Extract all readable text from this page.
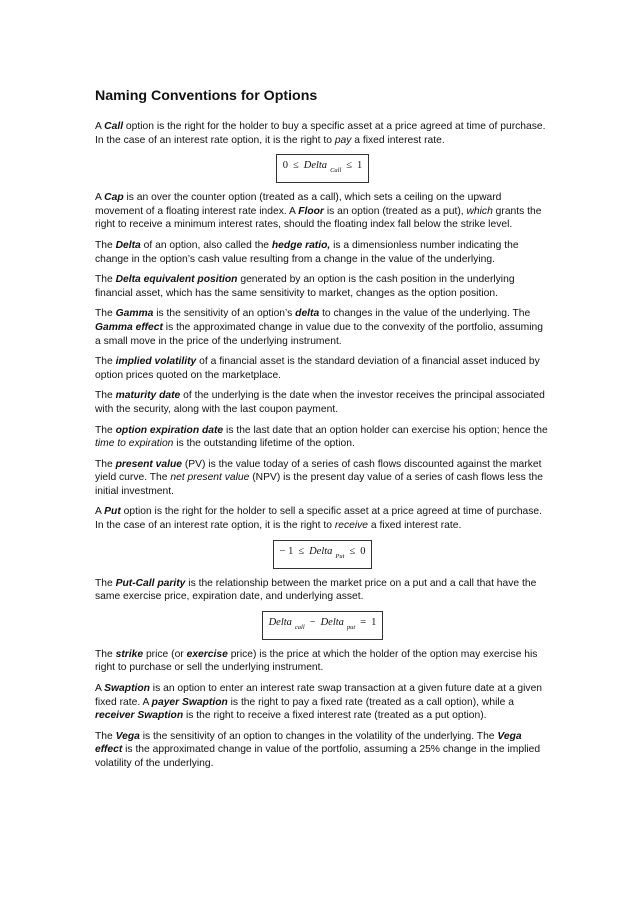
Naming Conventions for Options

A Call option is the right for the holder to buy a specific asset at a price agreed at time of purchase. In the case of an interest rate option, it is the right to pay a fixed interest rate.

0 ≤ Delta $_{Call}$ ≤ 1

A Cap is an over the counter option (treated as a call), which sets a ceiling on the upward movement of a floating interest rate index. A Floor is an option (treated as a put), which grants the right to receive a minimum interest rates, should the floating index fall below the strike level.

The Delta of an option, also called the hedge ratio, is a dimensionless number indicating the change in the option’s cash value resulting from a change in the value of the underlying.

The Delta equivalent position generated by an option is the cash position in the underlying financial asset, which has the same sensitivity to market, changes as the option position.

The Gamma is the sensitivity of an option’s delta to changes in the value of the underlying. The Gamma effect is the approximated change in value due to the convexity of the portfolio, assuming a small move in the price of the underlying instrument.

The implied volatility of a financial asset is the standard deviation of a financial asset induced by option prices quoted on the marketplace.

The maturity date of the underlying is the date when the investor receives the principal associated with the security, along with the last coupon payment.

The option expiration date is the last date that an option holder can exercise his option; hence the time to expiration is the outstanding lifetime of the option.

The present value (PV) is the value today of a series of cash flows discounted against the market yield curve. The net present value (NPV) is the present day value of a series of cash flows less the initial investment.

A Put option is the right for the holder to sell a specific asset at a price agreed at time of purchase. In the case of an interest rate option, it is the right to receive a fixed interest rate.

− 1 ≤ Delta $_{Put}$ ≤ 0

The Put-Call parity is the relationship between the market price on a put and a call that have the same exercise price, expiration date, and underlying asset.

Delta $_{call}$ − Delta $_{put}$ = 1

The strike price (or exercise price) is the price at which the holder of the option may exercise his right to purchase or sell the underlying instrument.

A Swaption is an option to enter an interest rate swap transaction at a given future date at a given fixed rate. A payer Swaption is the right to pay a fixed rate (treated as a call option), while a receiver Swaption is the right to receive a fixed interest rate (treated as a put option).

The Vega is the sensitivity of an option to changes in the volatility of the underlying. The Vega effect is the approximated change in value of the portfolio, assuming a 25% change in the implied volatility of the underlying.
